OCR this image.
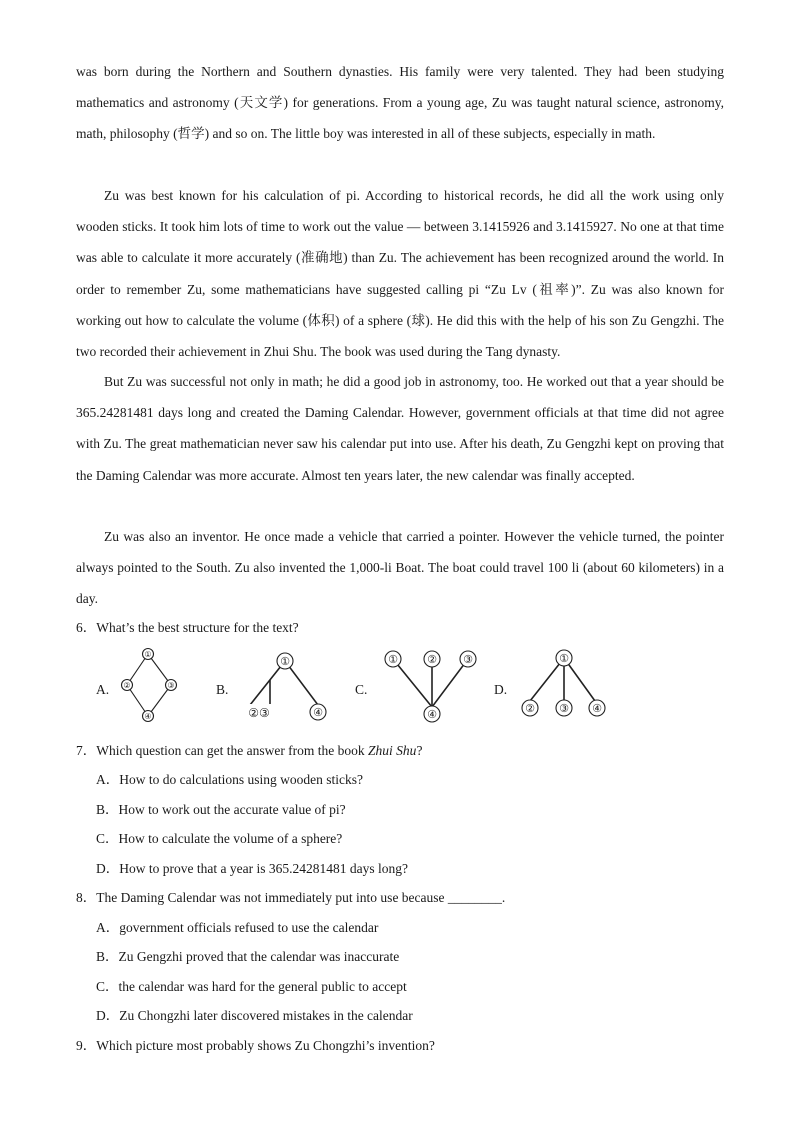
was born during the Northern and Southern dynasties. His family were very talented. They had been studying mathematics and astronomy (天文学) for generations. From a young age, Zu was taught natural science, astronomy, math, philosophy (哲学) and so on. The little boy was interested in all of these subjects, especially in math.

Zu was best known for his calculation of pi. According to historical records, he did all the work using only wooden sticks. It took him lots of time to work out the value — between 3.1415926 and 3.1415927. No one at that time was able to calculate it more accurately (准确地) than Zu. The achievement has been recognized around the world. In order to remember Zu, some mathematicians have suggested calling pi “Zu Lv (祖率)”. Zu was also known for working out how to calculate the volume (体积) of a sphere (球). He did this with the help of his son Zu Gengzhi. The two recorded their achievement in Zhui Shu. The book was used during the Tang dynasty.

But Zu was successful not only in math; he did a good job in astronomy, too. He worked out that a year should be 365.24281481 days long and created the Daming Calendar. However, government officials at that time did not agree with Zu. The great mathematician never saw his calendar put into use. After his death, Zu Gengzhi kept on proving that the Daming Calendar was more accurate. Almost ten years later, the new calendar was finally accepted.

Zu was also an inventor. He once made a vehicle that carried a pointer. However the vehicle turned, the pointer always pointed to the South. Zu also invented the 1,000-li Boat. The boat could travel 100 li (about 60 kilometers) in a day.

6．What’s the best structure for the text?
A.	B.	C.	D.
①
②	③
④
①
②③	④
①	② ③
④
①
② ③ ④
7．Which question can get the answer from the book Zhui Shu?
A．How to do calculations using wooden sticks?
B．How to work out the accurate value of pi?
C．How to calculate the volume of a sphere?
D．How to prove that a year is 365.24281481 days long?
8．The Daming Calendar was not immediately put into use because ________.
A．government officials refused to use the calendar
B．Zu Gengzhi proved that the calendar was inaccurate
C．the calendar was hard for the general public to accept
D．Zu Chongzhi later discovered mistakes in the calendar
9．Which picture most probably shows Zu Chongzhi’s invention?
